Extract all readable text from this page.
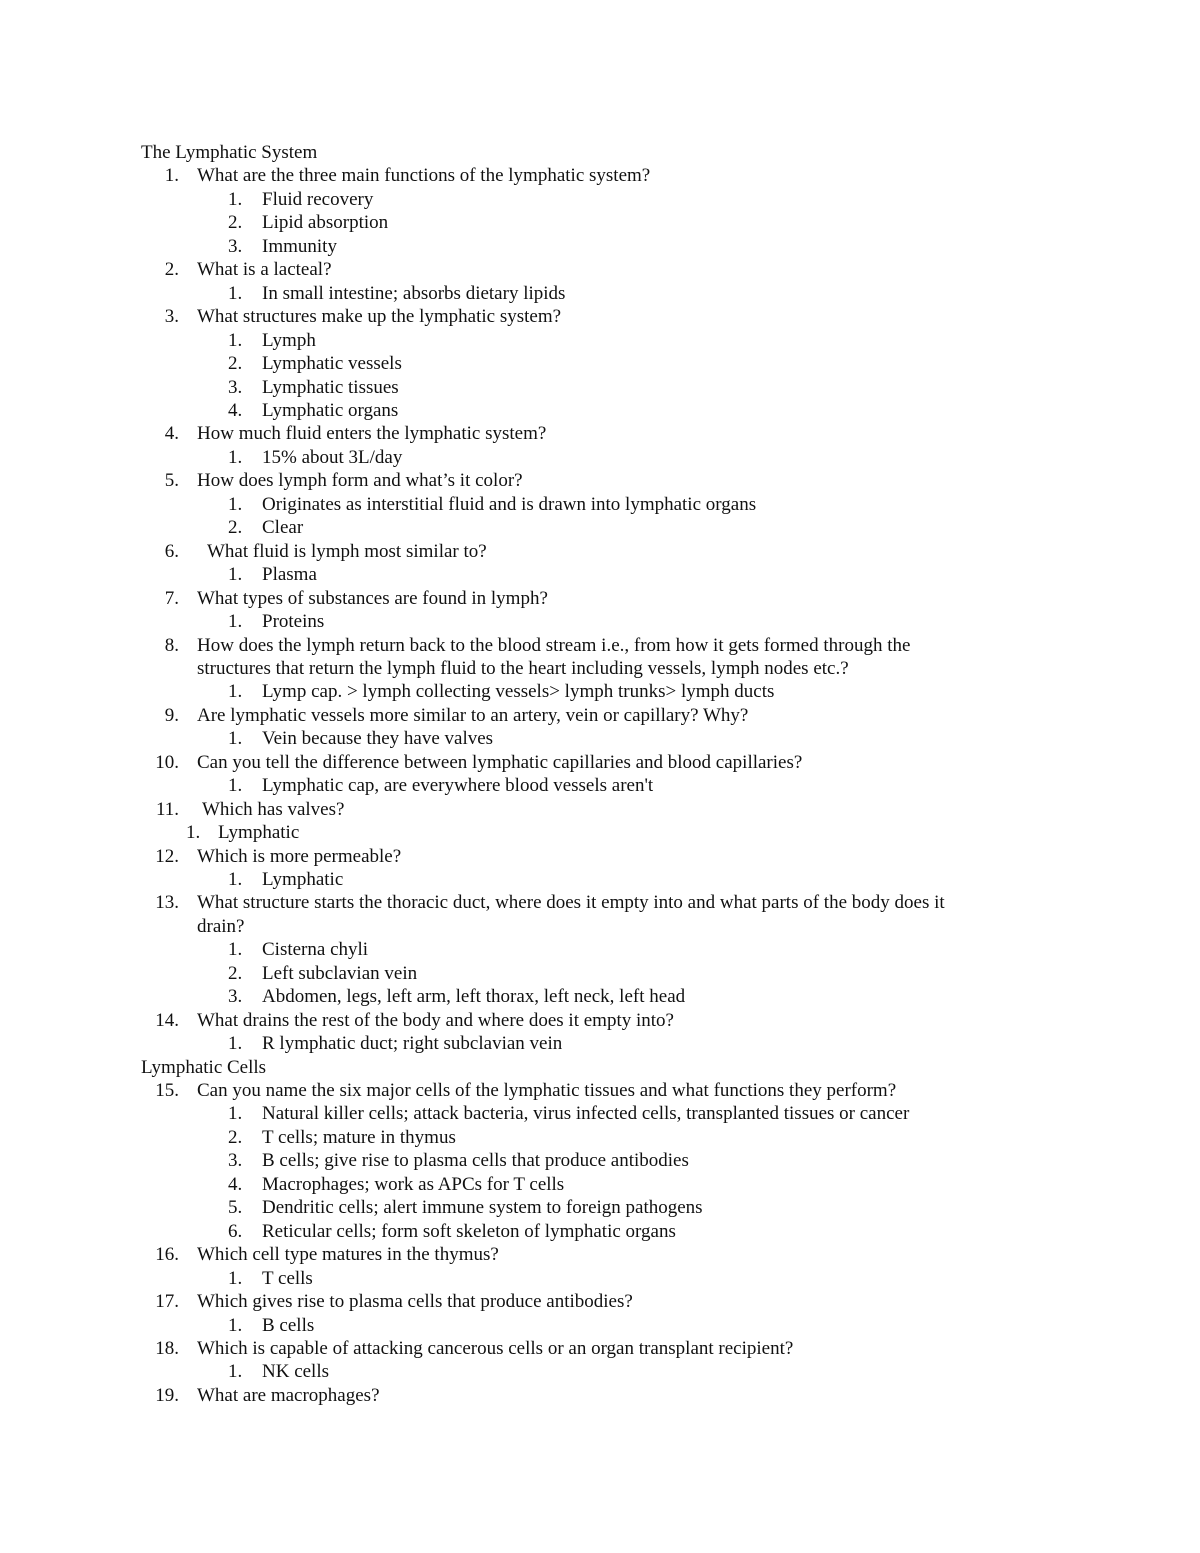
The Lymphatic System
1. What are the three main functions of the lymphatic system?
1. Fluid recovery
2. Lipid absorption
3. Immunity
2. What is a lacteal?
1. In small intestine; absorbs dietary lipids
3. What structures make up the lymphatic system?
1. Lymph
2. Lymphatic vessels
3. Lymphatic tissues
4. Lymphatic organs
4. How much fluid enters the lymphatic system?
1. 15% about 3L/day
5. How does lymph form and what’s it color?
1. Originates as interstitial fluid and is drawn into lymphatic organs
2. Clear
6. What fluid is lymph most similar to?
1. Plasma
7. What types of substances are found in lymph?
1. Proteins
8. How does the lymph return back to the blood stream i.e., from how it gets formed through the
structures that return the lymph fluid to the heart including vessels, lymph nodes etc.?
1. Lymp cap. > lymph collecting vessels> lymph trunks> lymph ducts
9. Are lymphatic vessels more similar to an artery, vein or capillary? Why?
1. Vein because they have valves
10. Can you tell the difference between lymphatic capillaries and blood capillaries?
1. Lymphatic cap, are everywhere blood vessels aren't
11. Which has valves?
1. Lymphatic
12. Which is more permeable?
1. Lymphatic
13. What structure starts the thoracic duct, where does it empty into and what parts of the body does it
drain?
1. Cisterna chyli
2. Left subclavian vein
3. Abdomen, legs, left arm, left thorax, left neck, left head
14. What drains the rest of the body and where does it empty into?
1. R lymphatic duct; right subclavian vein
Lymphatic Cells
15. Can you name the six major cells of the lymphatic tissues and what functions they perform?
1. Natural killer cells; attack bacteria, virus infected cells, transplanted tissues or cancer
2. T cells; mature in thymus
3. B cells; give rise to plasma cells that produce antibodies
4. Macrophages; work as APCs for T cells
5. Dendritic cells; alert immune system to foreign pathogens
6. Reticular cells; form soft skeleton of lymphatic organs
16. Which cell type matures in the thymus?
1. T cells
17. Which gives rise to plasma cells that produce antibodies?
1. B cells
18. Which is capable of attacking cancerous cells or an organ transplant recipient?
1. NK cells
19. What are macrophages?
